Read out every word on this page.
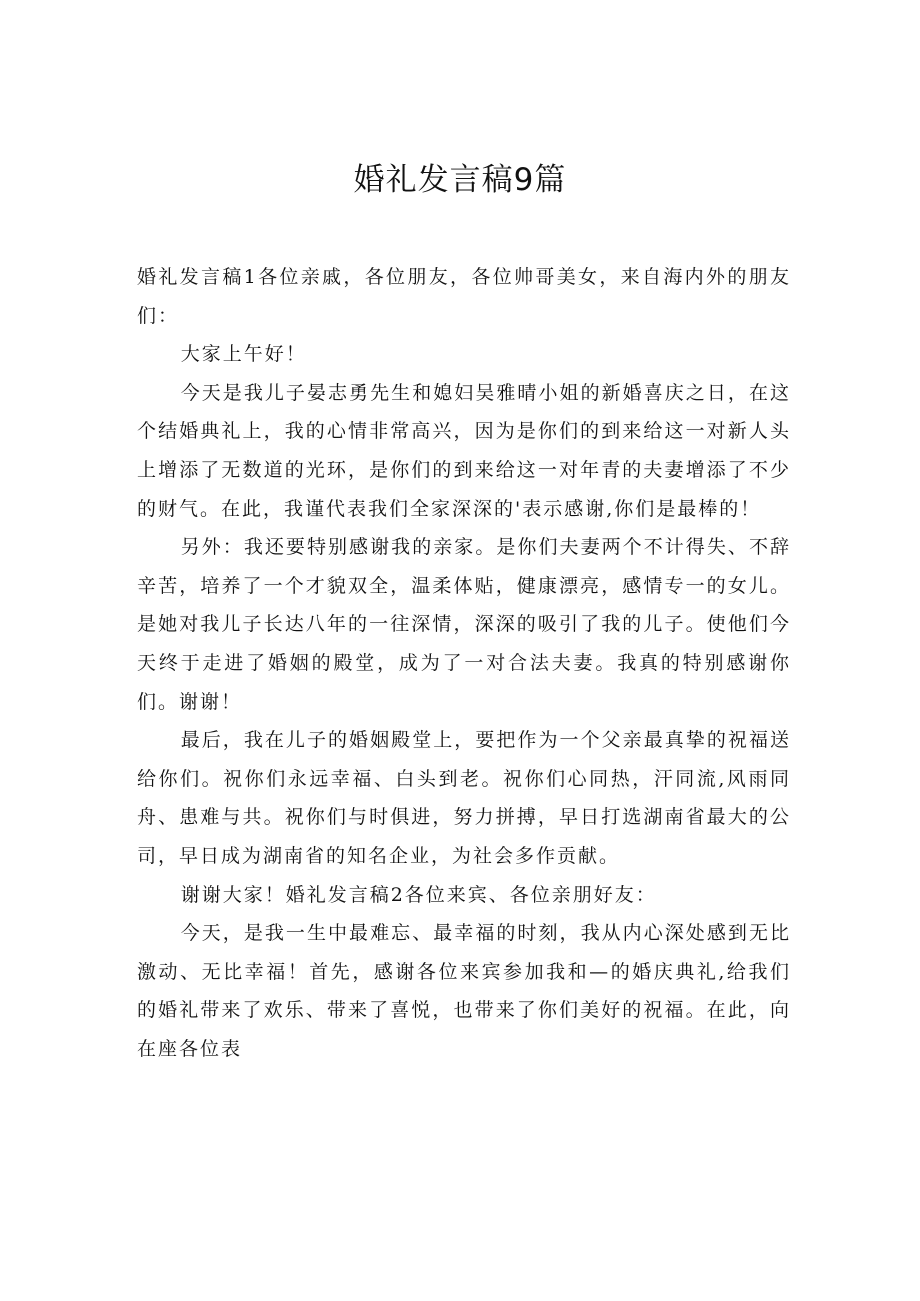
婚礼发言稿9篇

婚礼发言稿1各位亲戚，各位朋友，各位帅哥美女，来自海内外的朋友们：

大家上午好！

今天是我儿子晏志勇先生和媳妇吴雅晴小姐的新婚喜庆之日，在这个结婚典礼上，我的心情非常高兴，因为是你们的到来给这一对新人头上增添了无数道的光环，是你们的到来给这一对年青的夫妻增添了不少的财气。在此，我谨代表我们全家深深的'表示感谢,你们是最棒的！

另外：我还要特别感谢我的亲家。是你们夫妻两个不计得失、不辞辛苦，培养了一个才貌双全，温柔体贴，健康漂亮，感情专一的女儿。是她对我儿子长达八年的一往深情，深深的吸引了我的儿子。使他们今天终于走进了婚姻的殿堂，成为了一对合法夫妻。我真的特别感谢你们。谢谢！

最后，我在儿子的婚姻殿堂上，要把作为一个父亲最真挚的祝福送给你们。祝你们永远幸福、白头到老。祝你们心同热，汗同流,风雨同舟、患难与共。祝你们与时俱进，努力拼搏，早日打选湖南省最大的公司，早日成为湖南省的知名企业，为社会多作贡献。

谢谢大家！婚礼发言稿2各位来宾、各位亲朋好友：

今天，是我一生中最难忘、最幸福的时刻，我从内心深处感到无比激动、无比幸福！首先，感谢各位来宾参加我和—的婚庆典礼,给我们的婚礼带来了欢乐、带来了喜悦，也带来了你们美好的祝福。在此，向在座各位表
